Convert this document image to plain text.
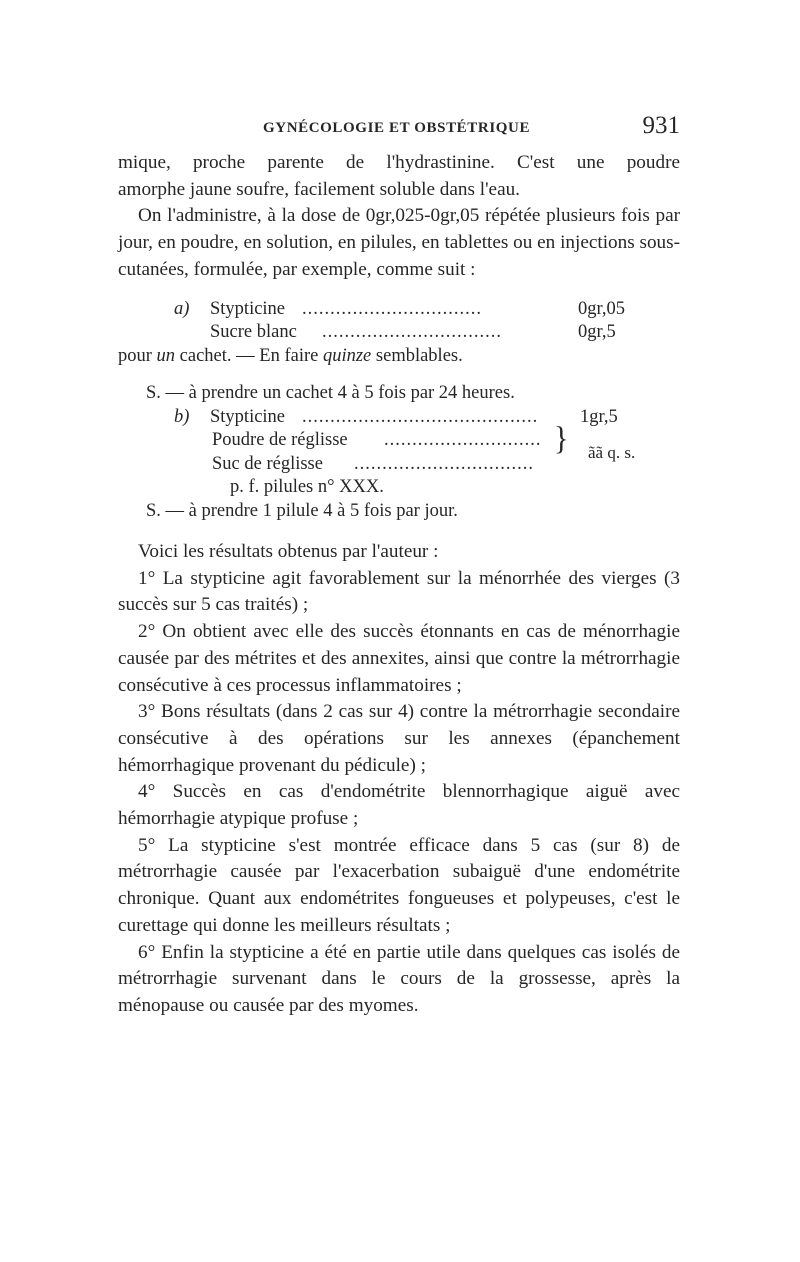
GYNÉCOLOGIE ET OBSTÉTRIQUE	931

mique, proche parente de l'hydrastinine. C'est une poudre

amorphe jaune soufre, facilement soluble dans l'eau.

On l'administre, à la dose de 0gr,025-0gr,05 répétée plusieurs fois par jour, en poudre, en solution, en pilules, en tablettes ou en injections sous-cutanées, formulée, par exemple, comme suit :

a) Stypticine ................................	0gr,05
Sucre blanc ................................	0gr,5
pour un cachet. — En faire quinze semblables.
S. — à prendre un cachet 4 à 5 fois par 24 heures.
b) Stypticine ..........................................	1gr,5
Poudre de réglisse ............................
Suc de réglisse ................................
} ãã q. s.
p. f. pilules n° XXX.
S. — à prendre 1 pilule 4 à 5 fois par jour.

Voici les résultats obtenus par l'auteur :

1° La stypticine agit favorablement sur la ménorrhée des vierges (3 succès sur 5 cas traités) ;

2° On obtient avec elle des succès étonnants en cas de ménorrhagie causée par des métrites et des annexites, ainsi que contre la métrorrhagie consécutive à ces processus inflammatoires ;

3° Bons résultats (dans 2 cas sur 4) contre la métrorrhagie secondaire consécutive à des opérations sur les annexes (épanchement hémorrhagique provenant du pédicule) ;

4° Succès en cas d'endométrite blennorrhagique aiguë avec hémorrhagie atypique profuse ;

5° La stypticine s'est montrée efficace dans 5 cas (sur 8) de métrorrhagie causée par l'exacerbation subaiguë d'une endométrite chronique. Quant aux endométrites fongueuses et polypeuses, c'est le curettage qui donne les meilleurs résultats ;

6° Enfin la stypticine a été en partie utile dans quelques cas isolés de métrorrhagie survenant dans le cours de la grossesse, après la ménopause ou causée par des myomes.
